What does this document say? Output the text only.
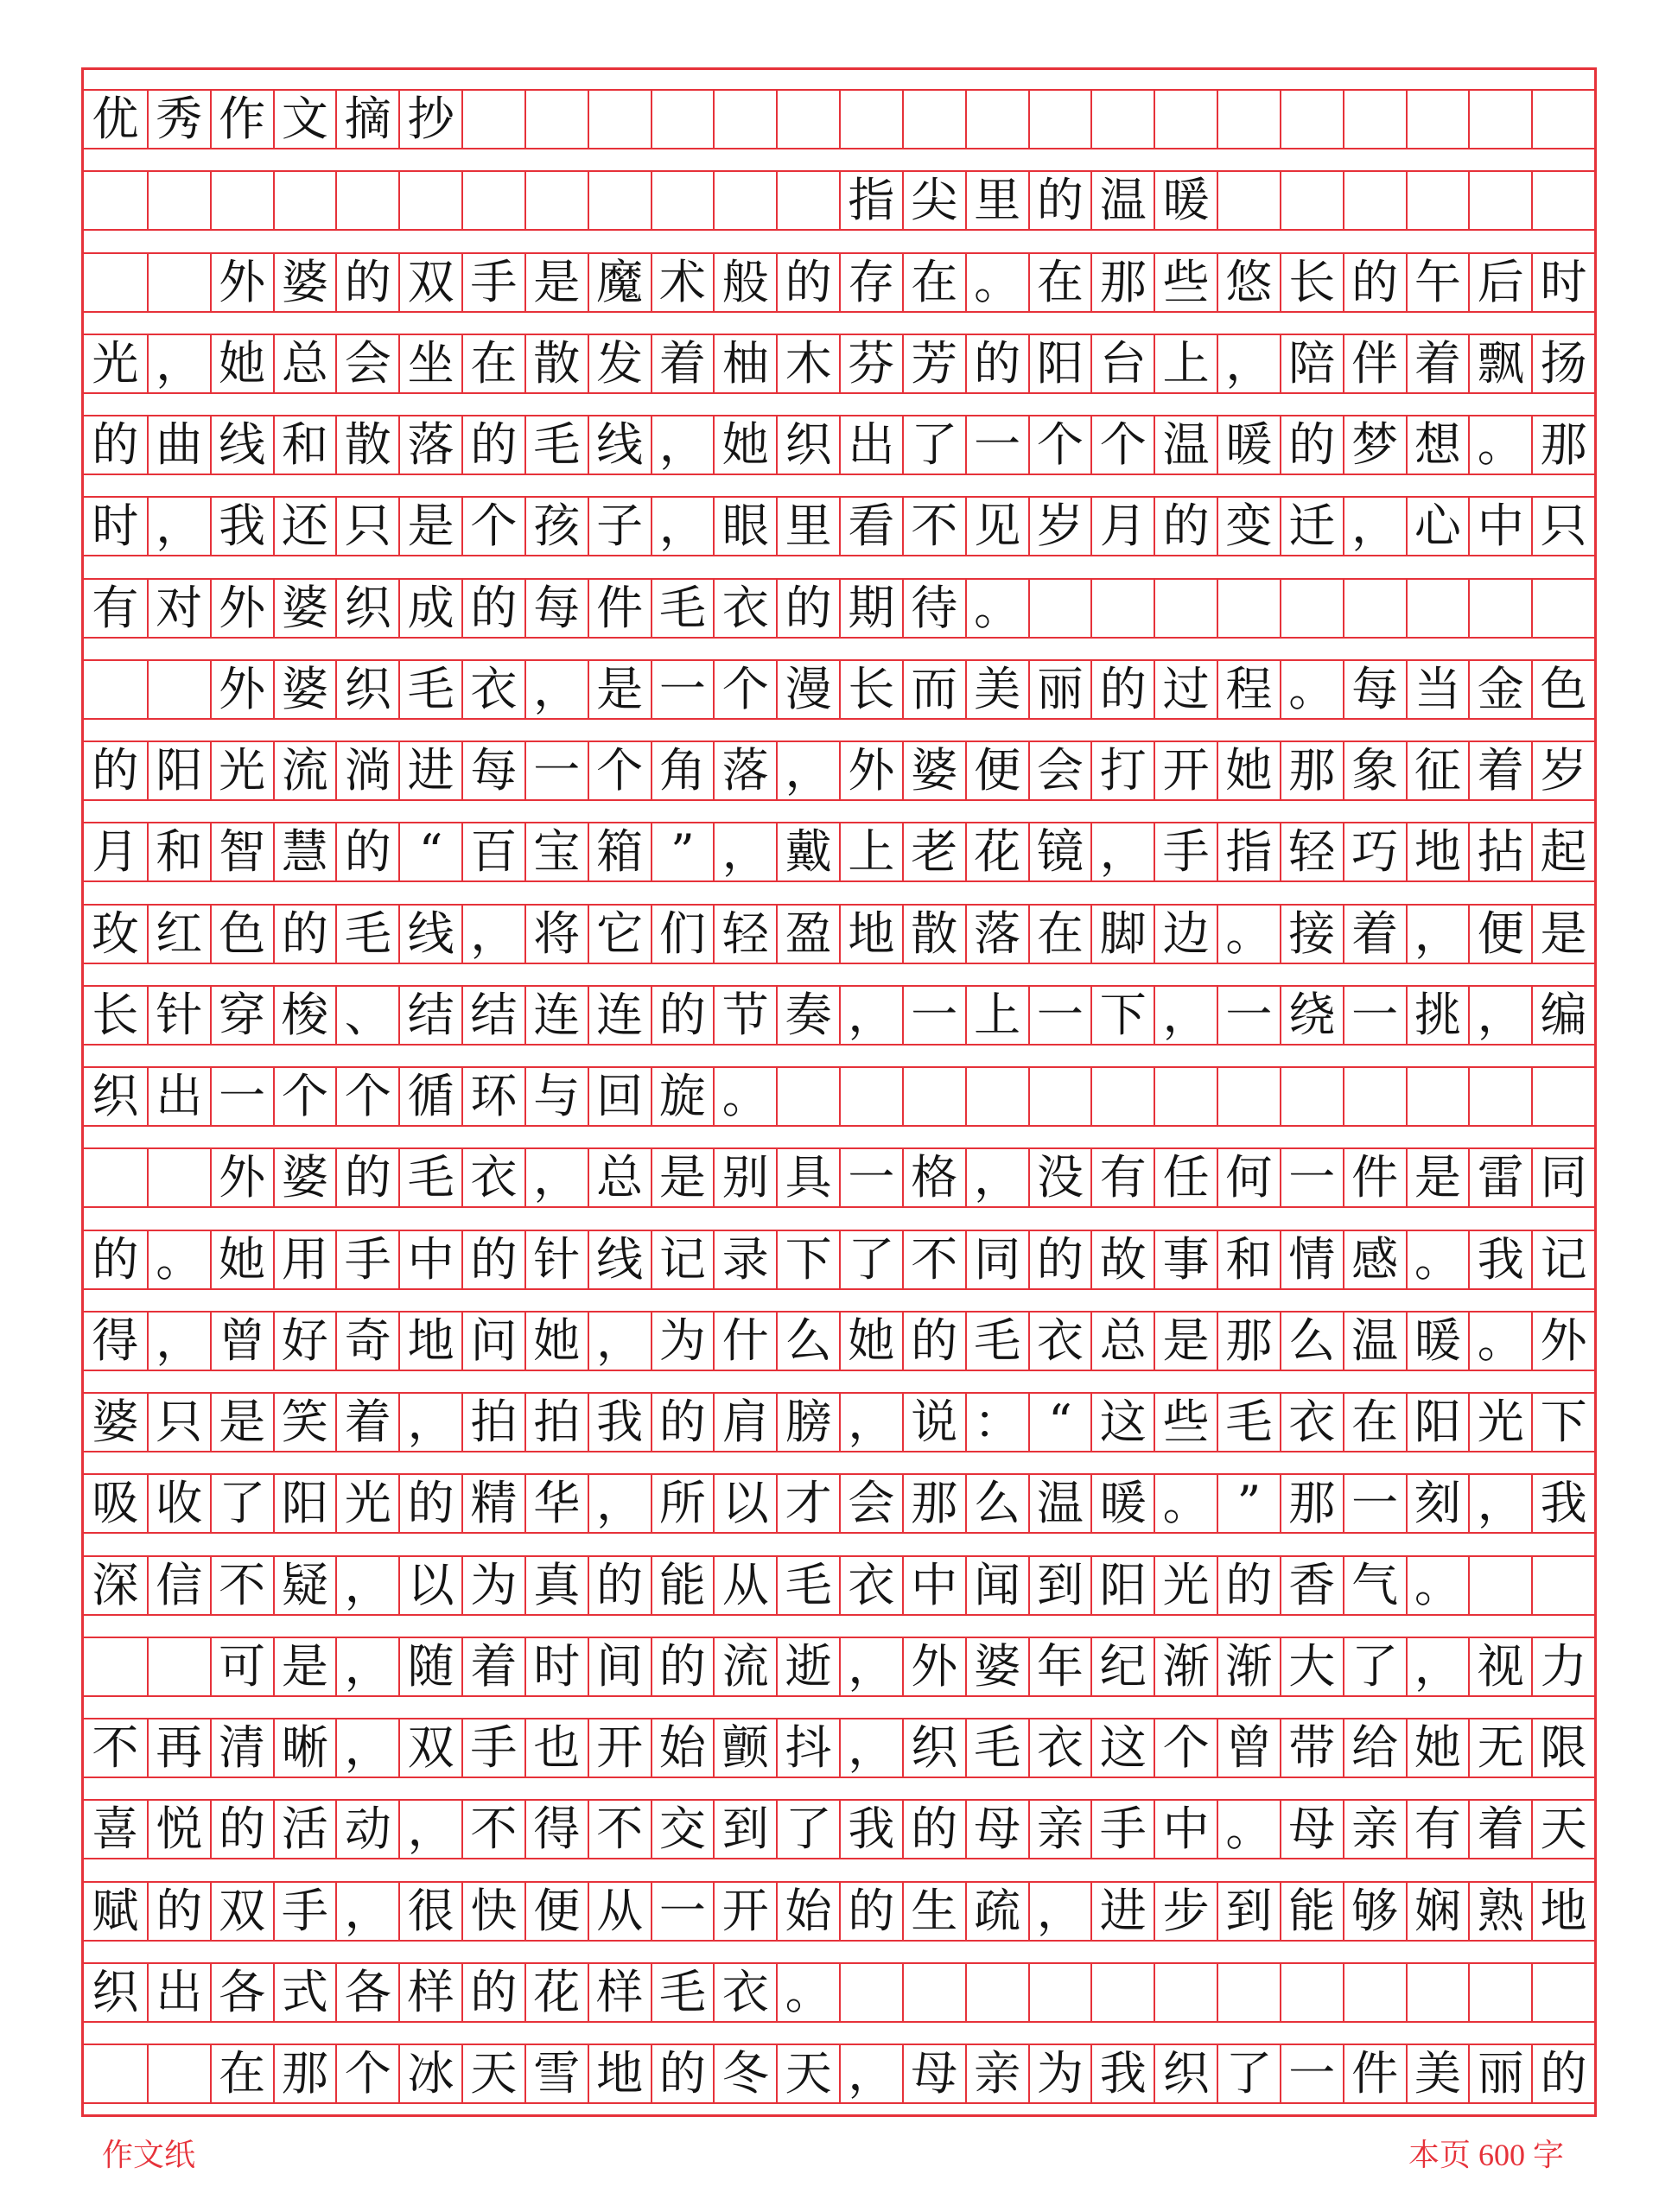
优 秀 作 文 摘 抄
指 尖 里 的 温 暖
外 婆 的 双 手 是 魔 术 般 的 存 在 。 在 那 些 悠 长 的 午 后 时
光 ， 她 总 会 坐 在 散 发 着 柚 木 芬 芳 的 阳 台 上 ， 陪 伴 着 飘 扬
的 曲 线 和 散 落 的 毛 线 ， 她 织 出 了 一 个 个 温 暖 的 梦 想 。 那
时 ， 我 还 只 是 个 孩 子 ， 眼 里 看 不 见 岁 月 的 变 迁 ， 心 中 只
有 对 外 婆 织 成 的 每 件 毛 衣 的 期 待 。
外 婆 织 毛 衣 ， 是 一 个 漫 长 而 美 丽 的 过 程 。 每 当 金 色
的 阳 光 流 淌 进 每 一 个 角 落 ， 外 婆 便 会 打 开 她 那 象 征 着 岁
月 和 智 慧 的 “ 百 宝 箱 ” ， 戴 上 老 花 镜 ， 手 指 轻 巧 地 拈 起
玫 红 色 的 毛 线 ， 将 它 们 轻 盈 地 散 落 在 脚 边 。 接 着 ， 便 是
长 针 穿 梭 、 结 结 连 连 的 节 奏 ， 一 上 一 下 ， 一 绕 一 挑 ， 编
织 出 一 个 个 循 环 与 回 旋 。
外 婆 的 毛 衣 ， 总 是 别 具 一 格 ， 没 有 任 何 一 件 是 雷 同
的 。 她 用 手 中 的 针 线 记 录 下 了 不 同 的 故 事 和 情 感 。 我 记
得 ， 曾 好 奇 地 问 她 ， 为 什 么 她 的 毛 衣 总 是 那 么 温 暖 。 外
婆 只 是 笑 着 ， 拍 拍 我 的 肩 膀 ， 说 ： “ 这 些 毛 衣 在 阳 光 下
吸 收 了 阳 光 的 精 华 ， 所 以 才 会 那 么 温 暖 。 ” 那 一 刻 ， 我
深 信 不 疑 ， 以 为 真 的 能 从 毛 衣 中 闻 到 阳 光 的 香 气 。
可 是 ， 随 着 时 间 的 流 逝 ， 外 婆 年 纪 渐 渐 大 了 ， 视 力
不 再 清 晰 ， 双 手 也 开 始 颤 抖 ， 织 毛 衣 这 个 曾 带 给 她 无 限
喜 悦 的 活 动 ， 不 得 不 交 到 了 我 的 母 亲 手 中 。 母 亲 有 着 天
赋 的 双 手 ， 很 快 便 从 一 开 始 的 生 疏 ， 进 步 到 能 够 娴 熟 地
织 出 各 式 各 样 的 花 样 毛 衣 。
在 那 个 冰 天 雪 地 的 冬 天 ， 母 亲 为 我 织 了 一 件 美 丽 的
作文纸	本页 600 字
